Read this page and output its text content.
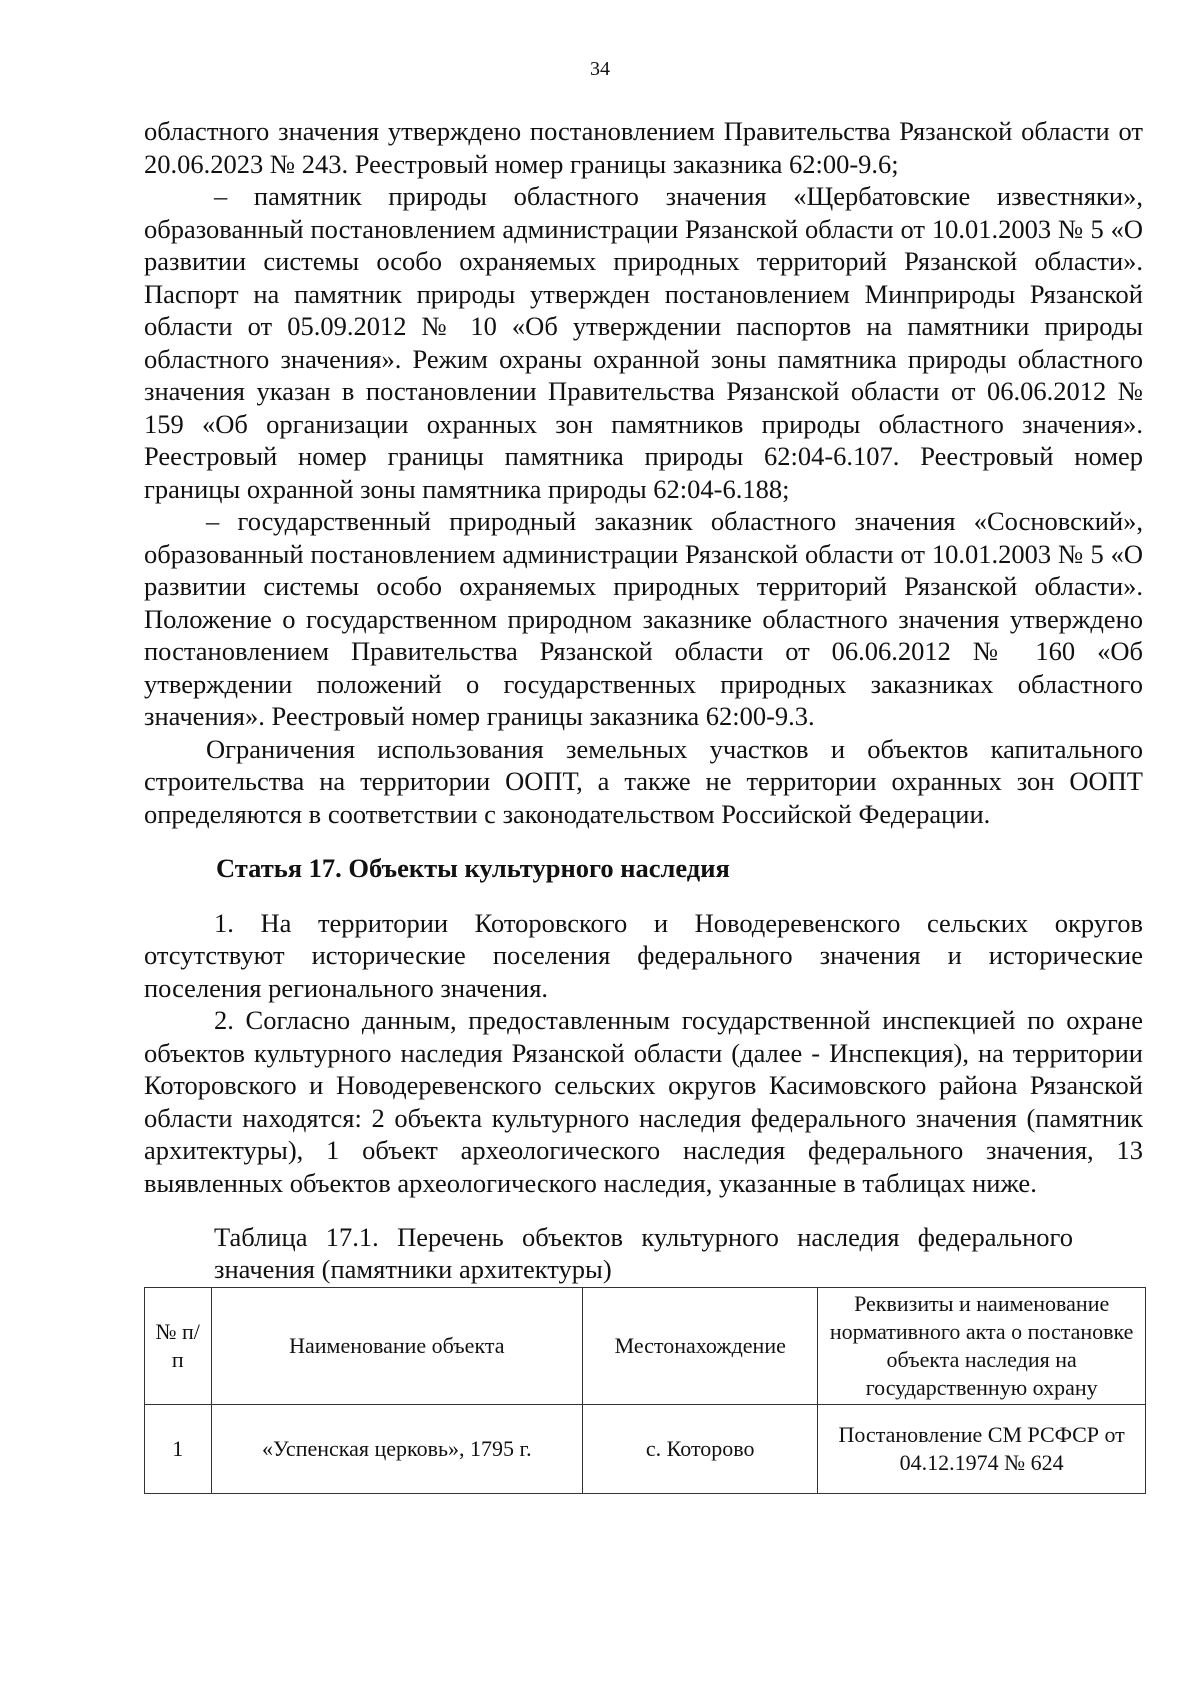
34

областного значения утверждено постановлением Правительства Рязанской области от 20.06.2023 № 243. Реестровый номер границы заказника 62:00-9.6;

– памятник природы областного значения «Щербатовские известняки», образованный постановлением администрации Рязанской области от 10.01.2003 № 5 «О развитии системы особо охраняемых природных территорий Рязанской области». Паспорт на памятник природы утвержден постановлением Минприроды Рязанской области от 05.09.2012 № 10 «Об утверждении паспортов на памятники природы областного значения». Режим охраны охранной зоны памятника природы областного значения указан в постановлении Правительства Рязанской области от 06.06.2012 № 159 «Об организации охранных зон памятников природы областного значения». Реестровый номер границы памятника природы 62:04-6.107. Реестровый номер границы охранной зоны памятника природы 62:04-6.188;

– государственный природный заказник областного значения «Сосновский», образованный постановлением администрации Рязанской области от 10.01.2003 № 5 «О развитии системы особо охраняемых природных территорий Рязанской области». Положение о государственном природном заказнике областного значения утверждено постановлением Правительства Рязанской области от 06.06.2012 № 160 «Об утверждении положений о государственных природных заказниках областного значения». Реестровый номер границы заказника 62:00-9.3.

Ограничения использования земельных участков и объектов капитального строительства на территории ООПТ, а также не территории охранных зон ООПТ определяются в соответствии с законодательством Российской Федерации.

Статья 17. Объекты культурного наследия

1. На территории Которовского и Новодеревенского сельских округов отсутствуют исторические поселения федерального значения и исторические поселения регионального значения.

2. Согласно данным, предоставленным государственной инспекцией по охране объектов культурного наследия Рязанской области (далее - Инспекция), на территории Которовского и Новодеревенского сельских округов Касимовского района Рязанской области находятся: 2 объекта культурного наследия федерального значения (памятник архитектуры), 1 объект археологического наследия федерального значения, 13 выявленных объектов археологического наследия, указанные в таблицах ниже.

Таблица 17.1. Перечень объектов культурного наследия федерального значения (памятники архитектуры)

№ п/п	Наименование объекта	Местонахождение	Реквизиты и наименование нормативного акта о постановке объекта наследия на государственную охрану
1	«Успенская церковь», 1795 г.	с. Которово	Постановление СМ РСФСР от 04.12.1974 № 624
